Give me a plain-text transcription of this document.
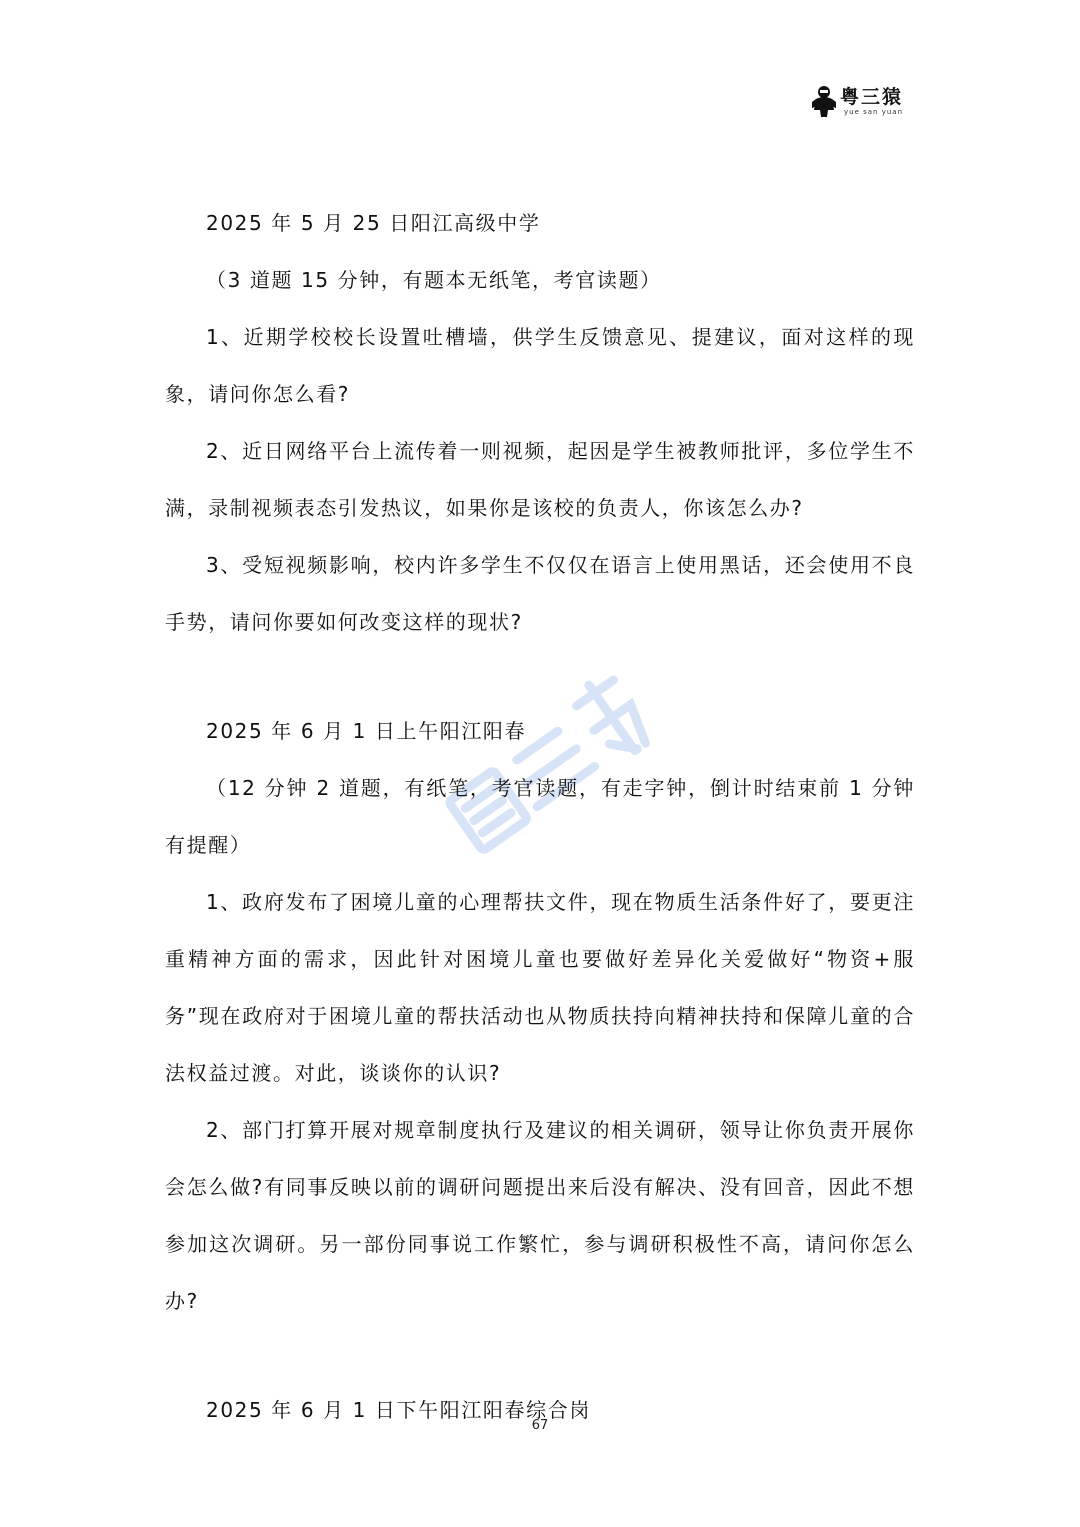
粤三猿
yue san yuan

2025 年 5 月 25 日阳江高级中学

（3 道题 15 分钟，有题本无纸笔，考官读题）

1、近期学校校长设置吐槽墙，供学生反馈意见、提建议，面对这样的现象，请问你怎么看?

2、近日网络平台上流传着一则视频，起因是学生被教师批评，多位学生不满，录制视频表态引发热议，如果你是该校的负责人，你该怎么办?

3、受短视频影响，校内许多学生不仅仅在语言上使用黑话，还会使用不良手势，请问你要如何改变这样的现状?

2025 年 6 月 1 日上午阳江阳春

（12 分钟 2 道题，有纸笔，考官读题，有走字钟，倒计时结束前 1 分钟有提醒）

1、政府发布了困境儿童的心理帮扶文件，现在物质生活条件好了，要更注重精神方面的需求，因此针对困境儿童也要做好差异化关爱做好“物资+服务”现在政府对于困境儿童的帮扶活动也从物质扶持向精神扶持和保障儿童的合法权益过渡。对此，谈谈你的认识?

2、部门打算开展对规章制度执行及建议的相关调研，领导让你负责开展你会怎么做?有同事反映以前的调研问题提出来后没有解决、没有回音，因此不想参加这次调研。另一部份同事说工作繁忙，参与调研积极性不高，请问你怎么办?

2025 年 6 月 1 日下午阳江阳春综合岗

67
